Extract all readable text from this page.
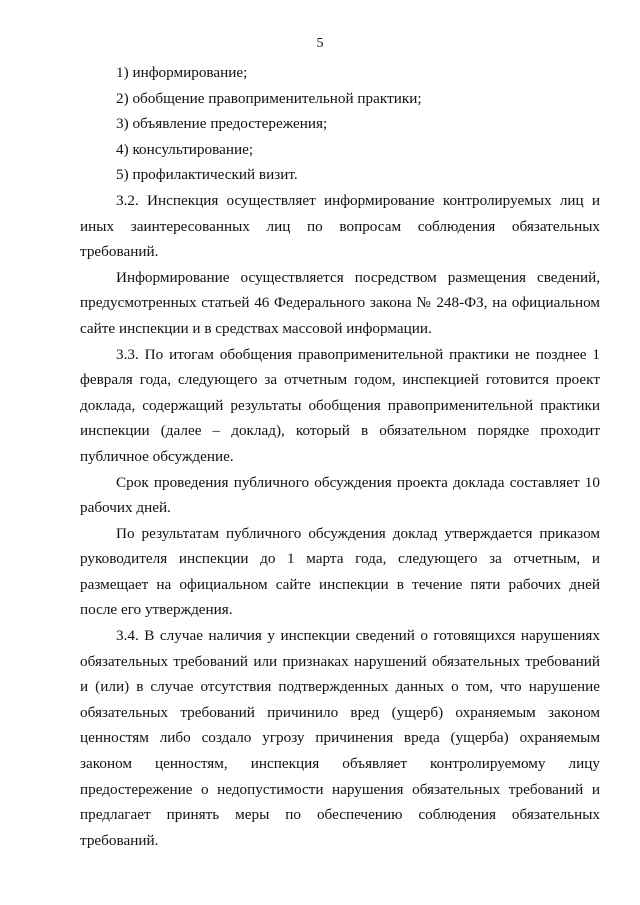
5

1) информирование;

2) обобщение правоприменительной практики;

3) объявление предостережения;

4) консультирование;

5) профилактический визит.

3.2. Инспекция осуществляет информирование контролируемых лиц и иных заинтересованных лиц по вопросам соблюдения обязательных требований.

Информирование осуществляется посредством размещения сведений, предусмотренных статьей 46 Федерального закона № 248-ФЗ, на официальном сайте инспекции и в средствах массовой информации.

3.3. По итогам обобщения правоприменительной практики не позднее 1 февраля года, следующего за отчетным годом, инспекцией готовится проект доклада, содержащий результаты обобщения правоприменительной практики инспекции (далее – доклад), который в обязательном порядке проходит публичное обсуждение.

Срок проведения публичного обсуждения проекта доклада составляет 10 рабочих дней.

По результатам публичного обсуждения доклад утверждается приказом руководителя инспекции до 1 марта года, следующего за отчетным, и размещает на официальном сайте инспекции в течение пяти рабочих дней после его утверждения.

3.4. В случае наличия у инспекции сведений о готовящихся нарушениях обязательных требований или признаках нарушений обязательных требований и (или) в случае отсутствия подтвержденных данных о том, что нарушение обязательных требований причинило вред (ущерб) охраняемым законом ценностям либо создало угрозу причинения вреда (ущерба) охраняемым законом ценностям, инспекция объявляет контролируемому лицу предостережение о недопустимости нарушения обязательных требований и предлагает принять меры по обеспечению соблюдения обязательных требований.
